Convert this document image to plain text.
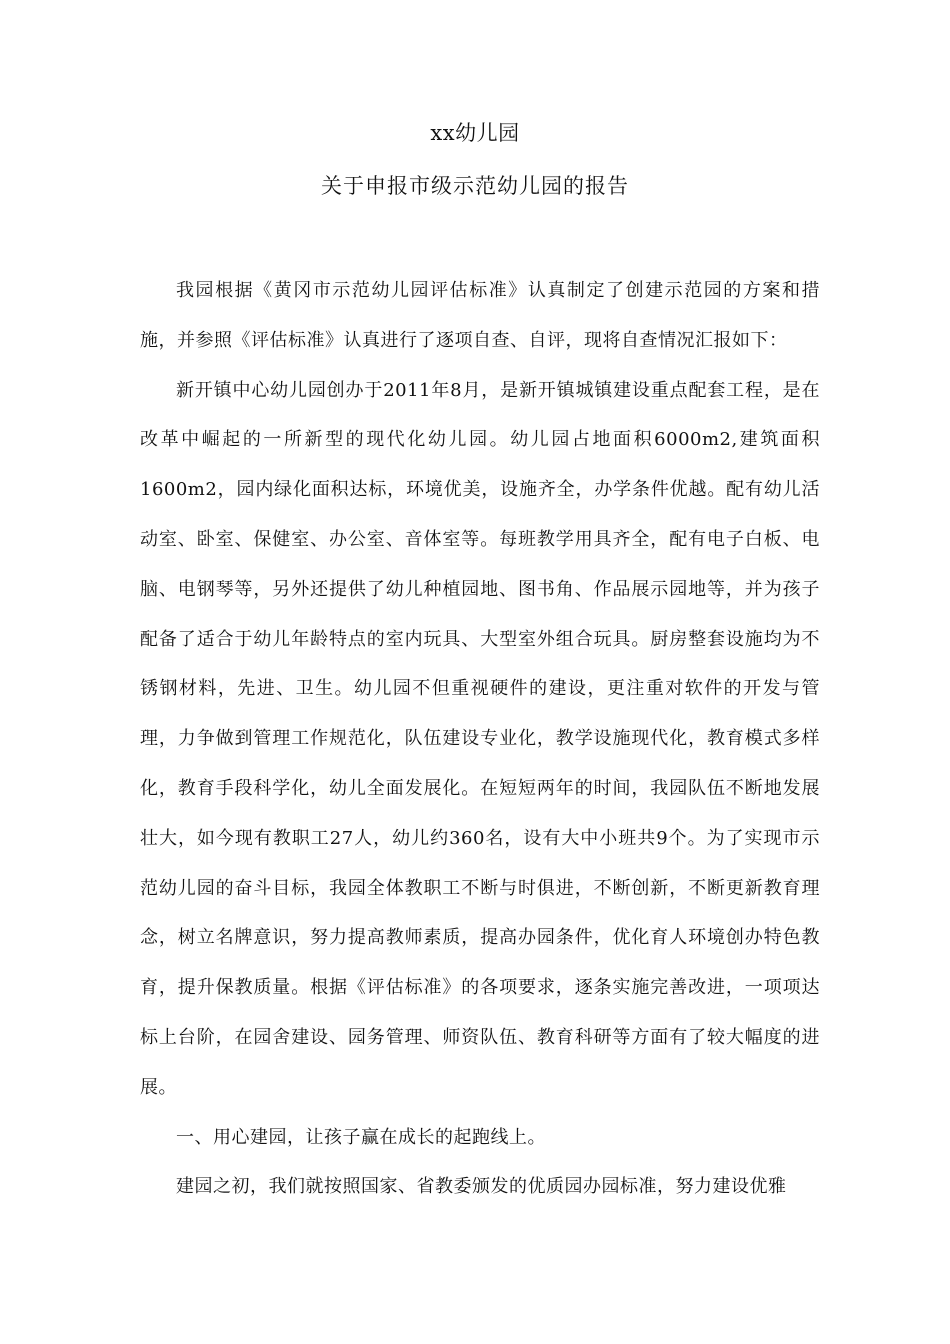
xx幼儿园
关于申报市级示范幼儿园的报告

我园根据《黄冈市示范幼儿园评估标准》认真制定了创建示范园的方案和措施，并参照《评估标准》认真进行了逐项自查、自评，现将自查情况汇报如下：

新开镇中心幼儿园创办于2011年8月，是新开镇城镇建设重点配套工程，是在改革中崛起的一所新型的现代化幼儿园。幼儿园占地面积6000m2,建筑面积1600m2，园内绿化面积达标，环境优美，设施齐全，办学条件优越。配有幼儿活动室、卧室、保健室、办公室、音体室等。每班教学用具齐全，配有电子白板、电脑、电钢琴等，另外还提供了幼儿种植园地、图书角、作品展示园地等，并为孩子配备了适合于幼儿年龄特点的室内玩具、大型室外组合玩具。厨房整套设施均为不锈钢材料，先进、卫生。幼儿园不但重视硬件的建设，更注重对软件的开发与管理，力争做到管理工作规范化，队伍建设专业化，教学设施现代化，教育模式多样化，教育手段科学化，幼儿全面发展化。在短短两年的时间，我园队伍不断地发展壮大，如今现有教职工27人，幼儿约360名，设有大中小班共9个。为了实现市示范幼儿园的奋斗目标，我园全体教职工不断与时俱进，不断创新，不断更新教育理念，树立名牌意识，努力提高教师素质，提高办园条件，优化育人环境创办特色教育，提升保教质量。根据《评估标准》的各项要求，逐条实施完善改进，一项项达标上台阶，在园舍建设、园务管理、师资队伍、教育科研等方面有了较大幅度的进展。

一、用心建园，让孩子赢在成长的起跑线上。

建园之初，我们就按照国家、省教委颁发的优质园办园标准，努力建设优雅
